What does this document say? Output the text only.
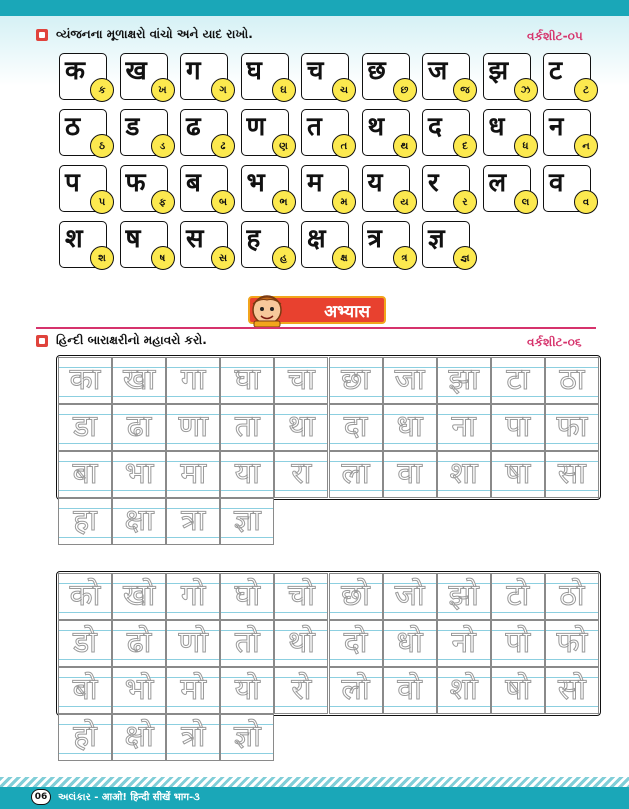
વ્યંજનના મૂળાક્ષરો વાંચો અને યાદ રાખો.	વર્કશીટ-૦૫
क
ક
ख
ખ
ग
ગ
घ
ઘ
च
ચ
छ
છ
ज
જ
झ
ઝ
ट
ટ
ठ
ઠ
ड
ડ
ढ
ઢ
ण
ણ
त
ત
थ
થ
द
દ
ध
ધ
न
ન
प
પ
फ
ફ
ब
બ
भ
ભ
म
મ
य
ય
र
ર
ल
લ
व
વ
श
શ
ष
ષ
स
સ
ह
હ
क्ष
ક્ષ
त्र
ત્ર
ज्ञ
જ્ઞ
अभ्यास
હિન્દી બારાક્ષરીનો મહાવરો કરો.	વર્કશીટ-૦૬
का खा गा घा चा छा जा झा टा	ठा
डा ढा णा ता था दा धा ना पा फा
बा भा मा या	रा	ला वा शा षा सा
हा क्षा त्रा ज्ञा
को खो गो घो चो छो जो झो टो	ठो
डो ढो णो तो थो दो धो नो पो फो
बो भो मो यो	रो	लो वो शो षो सो
हो क्षो त्रो ज्ञो
06	અલંકાર - आओ! हिन्दी सीखें भाग-૩
